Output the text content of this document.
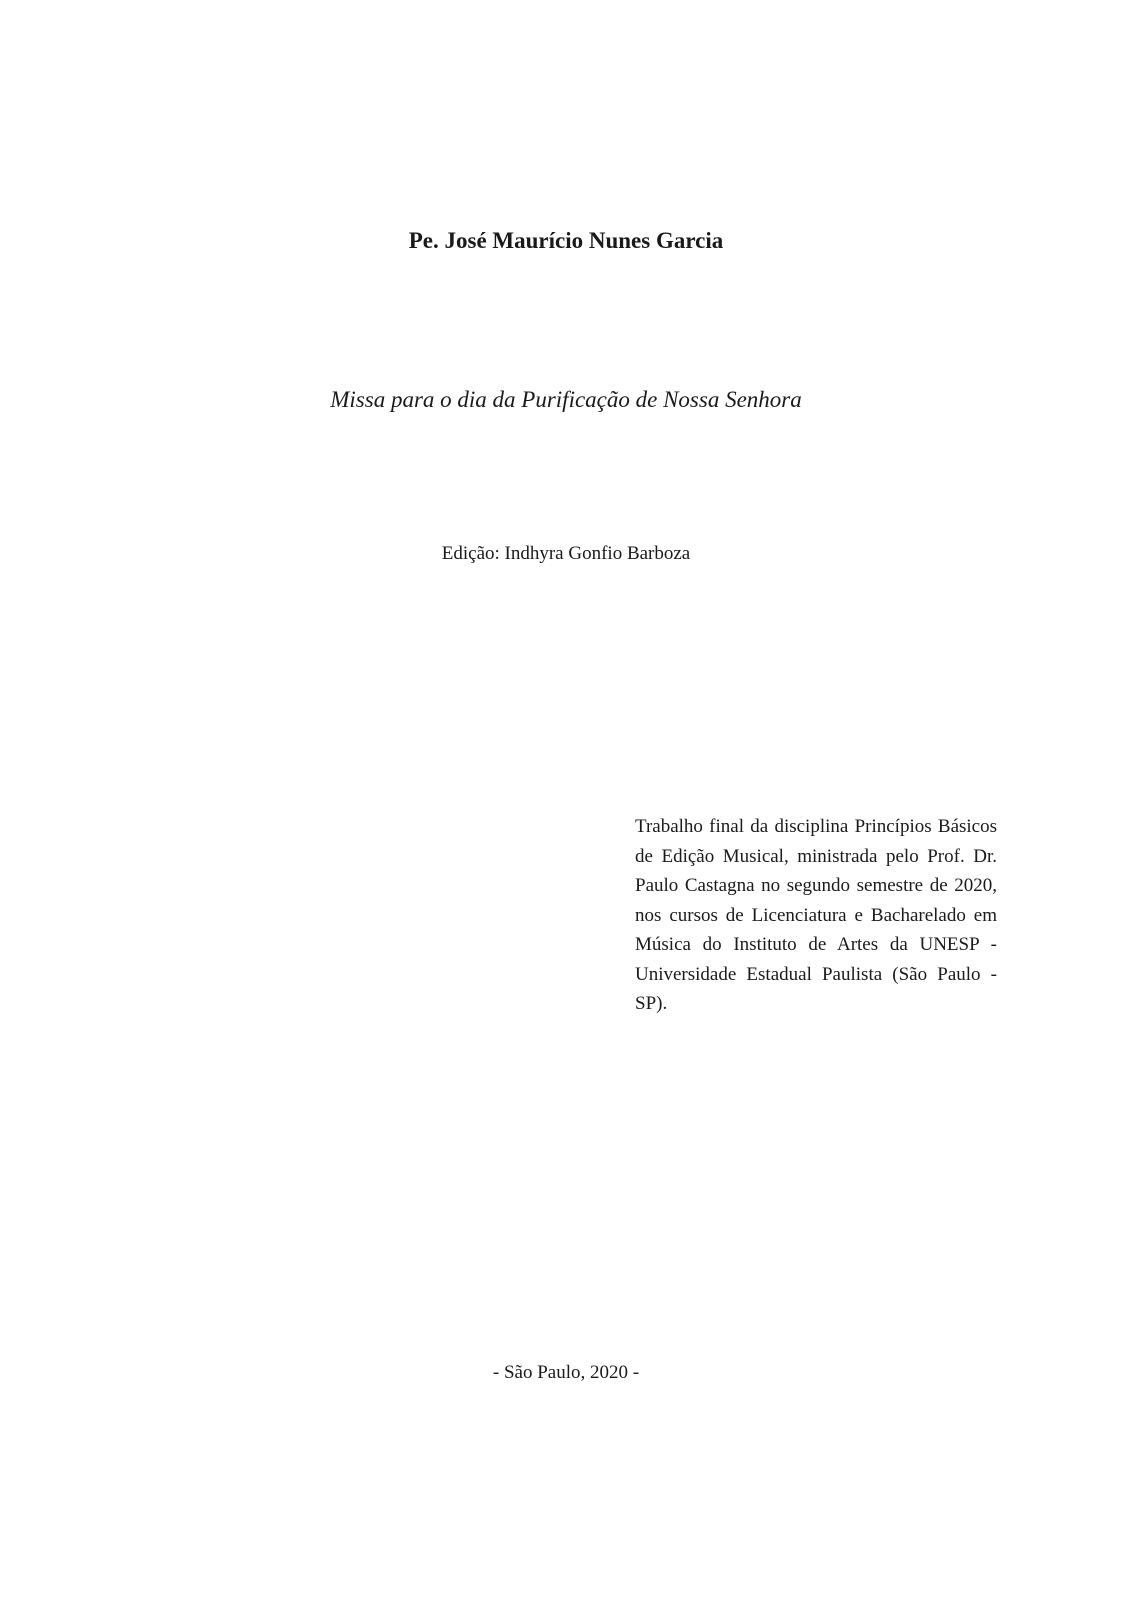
Pe. José Maurício Nunes Garcia
Missa para o dia da Purificação de Nossa Senhora
Edição: Indhyra Gonfio Barboza
Trabalho final da disciplina Princípios Básicos de Edição Musical, ministrada pelo Prof. Dr. Paulo Castagna no segundo semestre de 2020, nos cursos de Licenciatura e Bacharelado em Música do Instituto de Artes da UNESP - Universidade Estadual Paulista (São Paulo - SP).
- São Paulo, 2020 -
